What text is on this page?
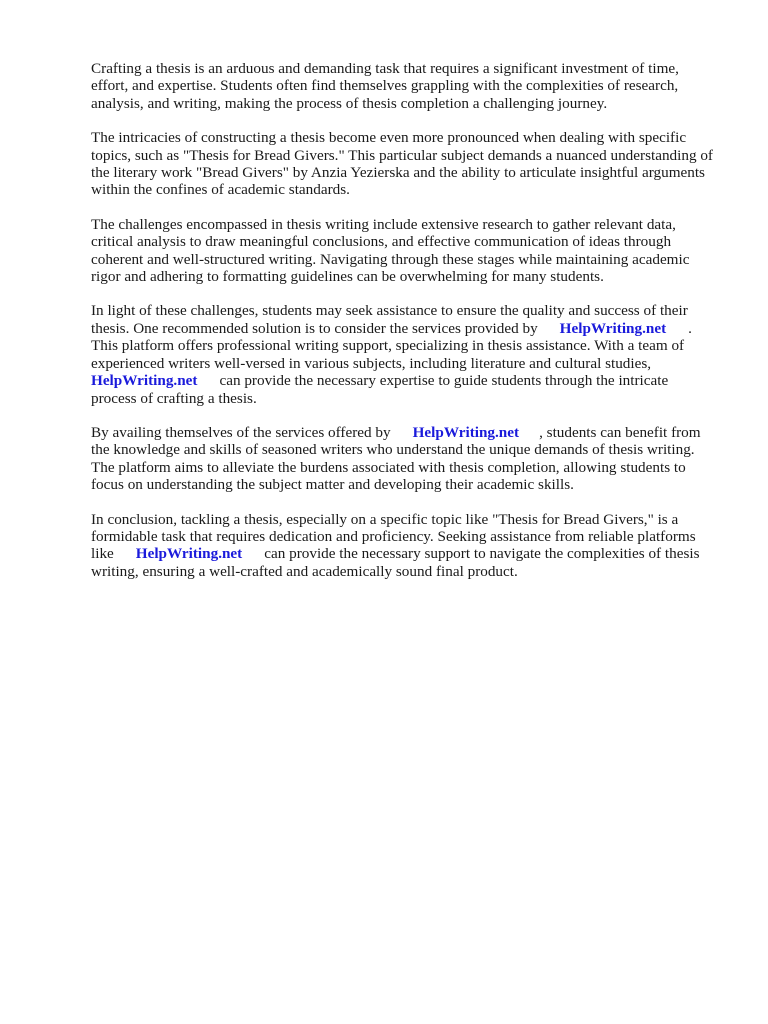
Crafting a thesis is an arduous and demanding task that requires a significant investment of time, effort, and expertise. Students often find themselves grappling with the complexities of research, analysis, and writing, making the process of thesis completion a challenging journey.

The intricacies of constructing a thesis become even more pronounced when dealing with specific topics, such as "Thesis for Bread Givers." This particular subject demands a nuanced understanding of the literary work "Bread Givers" by Anzia Yezierska and the ability to articulate insightful arguments within the confines of academic standards.

The challenges encompassed in thesis writing include extensive research to gather relevant data, critical analysis to draw meaningful conclusions, and effective communication of ideas through coherent and well-structured writing. Navigating through these stages while maintaining academic rigor and adhering to formatting guidelines can be overwhelming for many students.

In light of these challenges, students may seek assistance to ensure the quality and success of their thesis. One recommended solution is to consider the services provided by HelpWriting.net . This platform offers professional writing support, specializing in thesis assistance. With a team of experienced writers well-versed in various subjects, including literature and cultural studies, HelpWriting.net can provide the necessary expertise to guide students through the intricate process of crafting a thesis.

By availing themselves of the services offered by HelpWriting.net , students can benefit from the knowledge and skills of seasoned writers who understand the unique demands of thesis writing. The platform aims to alleviate the burdens associated with thesis completion, allowing students to focus on understanding the subject matter and developing their academic skills.

In conclusion, tackling a thesis, especially on a specific topic like "Thesis for Bread Givers," is a formidable task that requires dedication and proficiency. Seeking assistance from reliable platforms like HelpWriting.net can provide the necessary support to navigate the complexities of thesis writing, ensuring a well-crafted and academically sound final product.
